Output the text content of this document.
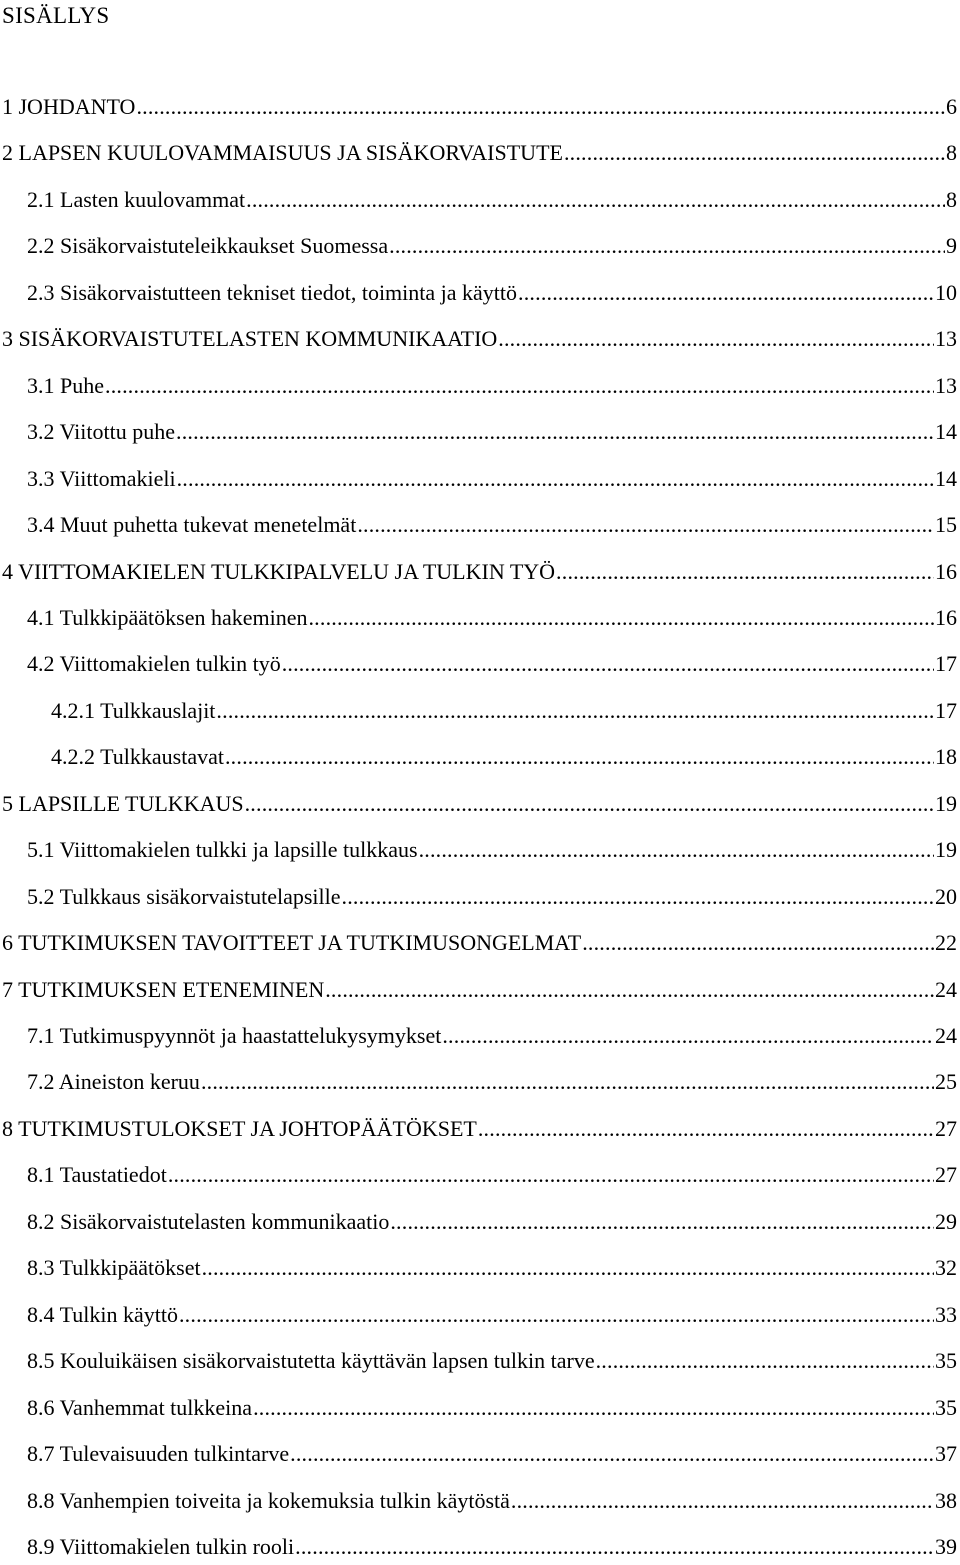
SISÄLLYS
1 JOHDANTO .....	6
2 LAPSEN KUULOVAMMAISUUS JA SISÄKORVAISTUTE .....	8
2.1 Lasten kuulovammat .....	8
2.2 Sisäkorvaistuteleikkaukset Suomessa .....	9
2.3 Sisäkorvaistutteen tekniset tiedot, toiminta ja käyttö .....	10
3 SISÄKORVAISTUTELASTEN KOMMUNIKAATIO .....	13
3.1 Puhe .....	13
3.2 Viitottu puhe .....	14
3.3 Viittomakieli .....	14
3.4 Muut puhetta tukevat menetelmät .....	15
4 VIITTOMAKIELEN TULKKIPALVELU JA TULKIN TYÖ .....	16
4.1 Tulkkipäätöksen hakeminen .....	16
4.2 Viittomakielen tulkin työ .....	17
4.2.1 Tulkkauslajit .....	17
4.2.2 Tulkkaustavat .....	18
5 LAPSILLE TULKKAUS .....	19
5.1 Viittomakielen tulkki ja lapsille tulkkaus .....	19
5.2 Tulkkaus sisäkorvaistutelapsille .....	20
6 TUTKIMUKSEN TAVOITTEET JA TUTKIMUSONGELMAT .....	22
7 TUTKIMUKSEN ETENEMINEN .....	24
7.1 Tutkimuspyynnöt ja haastattelukysymykset .....	24
7.2 Aineiston keruu .....	25
8 TUTKIMUSTULOKSET JA JOHTOPÄÄTÖKSET .....	27
8.1 Taustatiedot .....	27
8.2 Sisäkorvaistutelasten kommunikaatio .....	29
8.3 Tulkkipäätökset .....	32
8.4 Tulkin käyttö .....	33
8.5 Kouluikäisen sisäkorvaistutetta käyttävän lapsen tulkin tarve .....	35
8.6 Vanhemmat tulkkeina .....	35
8.7 Tulevaisuuden tulkintarve .....	37
8.8 Vanhempien toiveita ja kokemuksia tulkin käytöstä .....	38
8.9 Viittomakielen tulkin rooli .....	39
